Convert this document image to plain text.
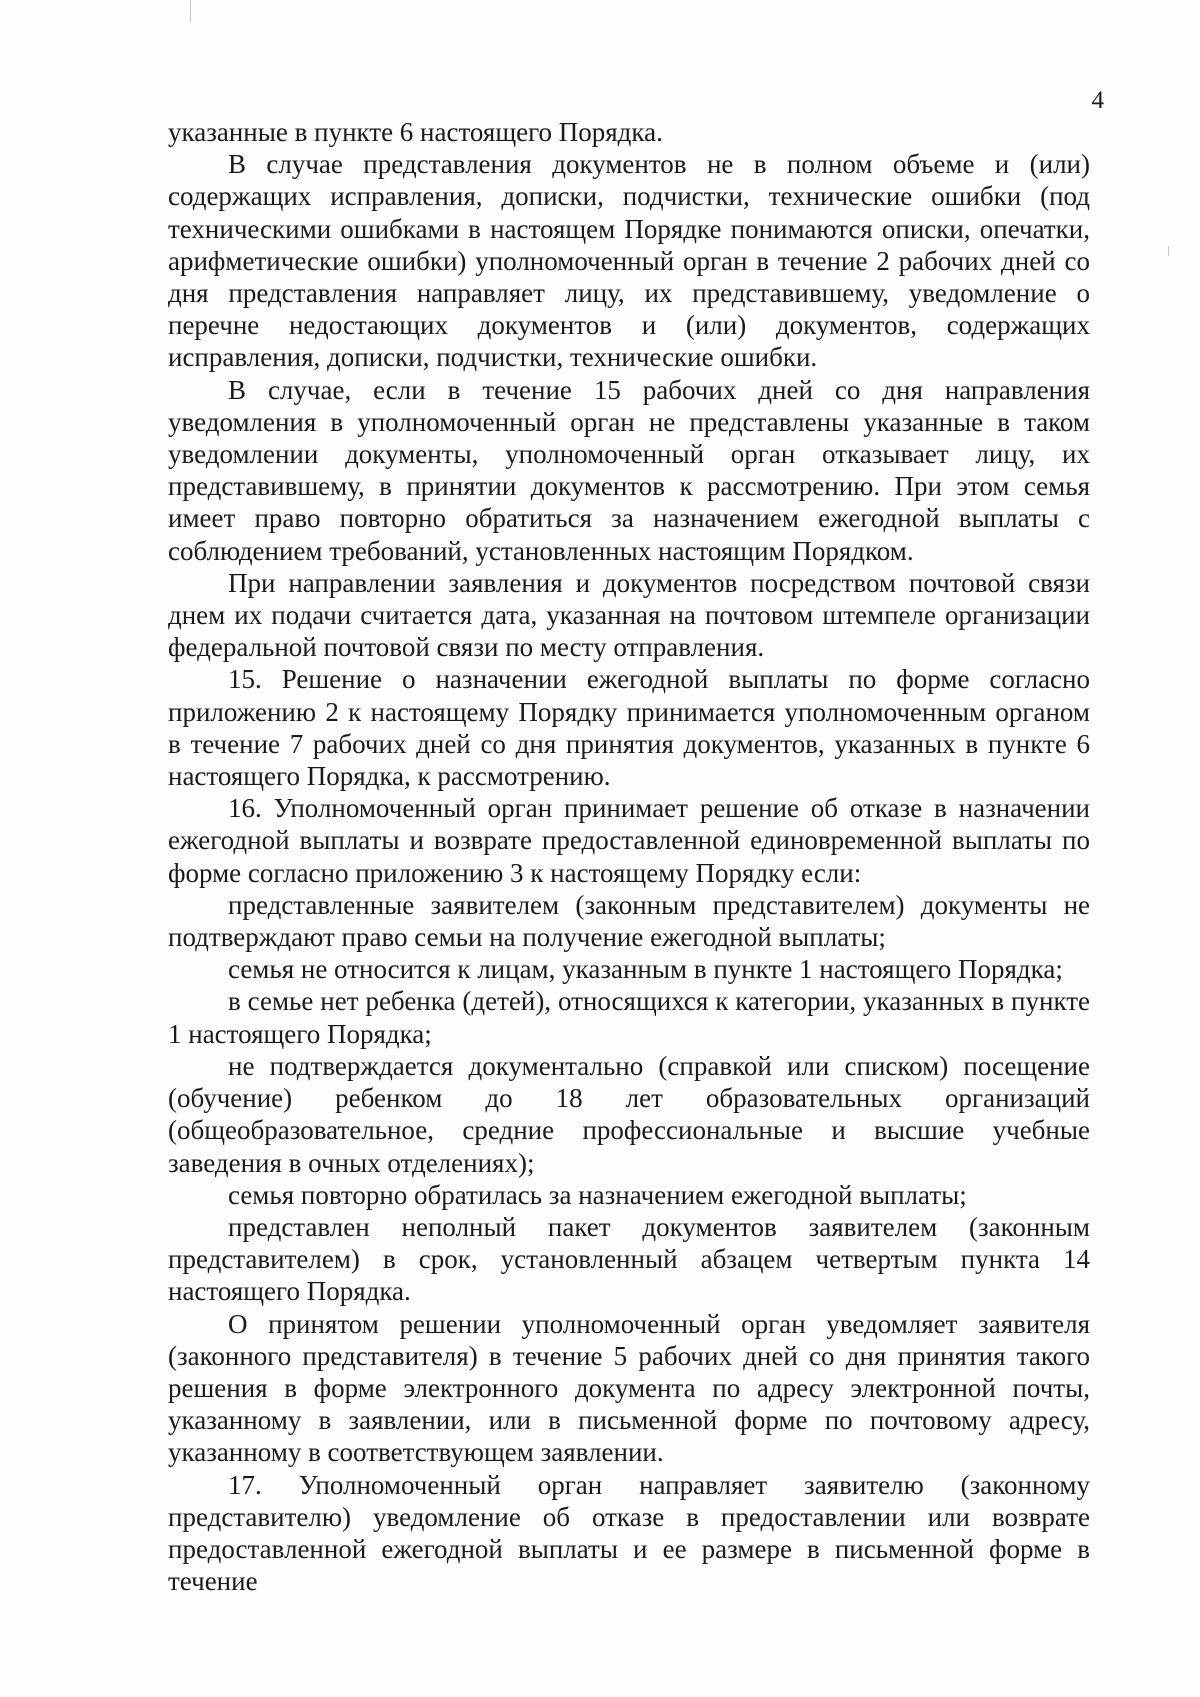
4

указанные в пункте 6 настоящего Порядка.

В случае представления документов не в полном объеме и (или) содержащих исправления, дописки, подчистки, технические ошибки (под техническими ошибками в настоящем Порядке понимаются описки, опечатки, арифметические ошибки) уполномоченный орган в течение 2 рабочих дней со дня представления направляет лицу, их представившему, уведомление о перечне недостающих документов и (или) документов, содержащих исправления, дописки, подчистки, технические ошибки.

В случае, если в течение 15 рабочих дней со дня направления уведомления в уполномоченный орган не представлены указанные в таком уведомлении документы, уполномоченный орган отказывает лицу, их представившему, в принятии документов к рассмотрению. При этом семья имеет право повторно обратиться за назначением ежегодной выплаты с соблюдением требований, установленных настоящим Порядком.

При направлении заявления и документов посредством почтовой связи днем их подачи считается дата, указанная на почтовом штемпеле организации федеральной почтовой связи по месту отправления.

15. Решение о назначении ежегодной выплаты по форме согласно приложению 2 к настоящему Порядку принимается уполномоченным органом в течение 7 рабочих дней со дня принятия документов, указанных в пункте 6 настоящего Порядка, к рассмотрению.

16. Уполномоченный орган принимает решение об отказе в назначении ежегодной выплаты и возврате предоставленной единовременной выплаты по форме согласно приложению 3 к настоящему Порядку если:

представленные заявителем (законным представителем) документы не подтверждают право семьи на получение ежегодной выплаты;

семья не относится к лицам, указанным в пункте 1 настоящего Порядка;

в семье нет ребенка (детей), относящихся к категории, указанных в пункте 1 настоящего Порядка;

не подтверждается документально (справкой или списком) посещение (обучение) ребенком до 18 лет образовательных организаций (общеобразовательное, средние профессиональные и высшие учебные заведения в очных отделениях);

семья повторно обратилась за назначением ежегодной выплаты;

представлен неполный пакет документов заявителем (законным представителем) в срок, установленный абзацем четвертым пункта 14 настоящего Порядка.

О принятом решении уполномоченный орган уведомляет заявителя (законного представителя) в течение 5 рабочих дней со дня принятия такого решения в форме электронного документа по адресу электронной почты, указанному в заявлении, или в письменной форме по почтовому адресу, указанному в соответствующем заявлении.

17. Уполномоченный орган направляет заявителю (законному представителю) уведомление об отказе в предоставлении или возврате предоставленной ежегодной выплаты и ее размере в письменной форме в течение
